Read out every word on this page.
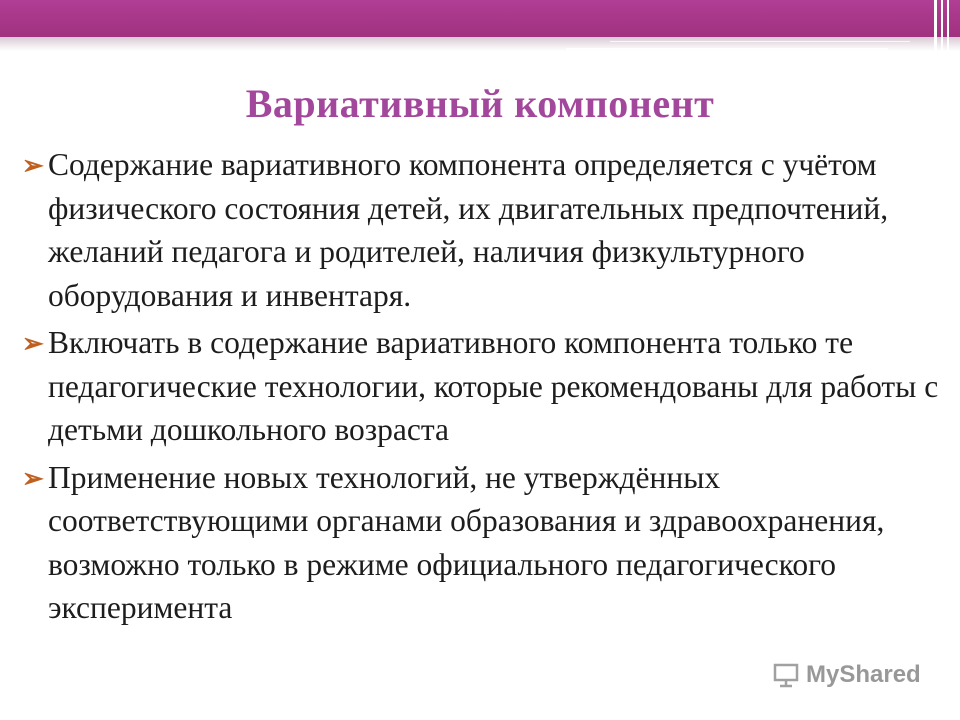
Вариативный компонент
➢ Содержание вариативного компонента определяется с учётом физического состояния детей, их двигательных предпочтений, желаний педагога и родителей, наличия физкультурного оборудования и инвентаря.
➢ Включать в содержание вариативного компонента только те педагогические технологии, которые рекомендованы для работы с детьми дошкольного возраста
➢ Применение новых технологий, не утверждённых соответствующими органами образования и здравоохранения, возможно только в режиме официального педагогического эксперимента
MyShared
